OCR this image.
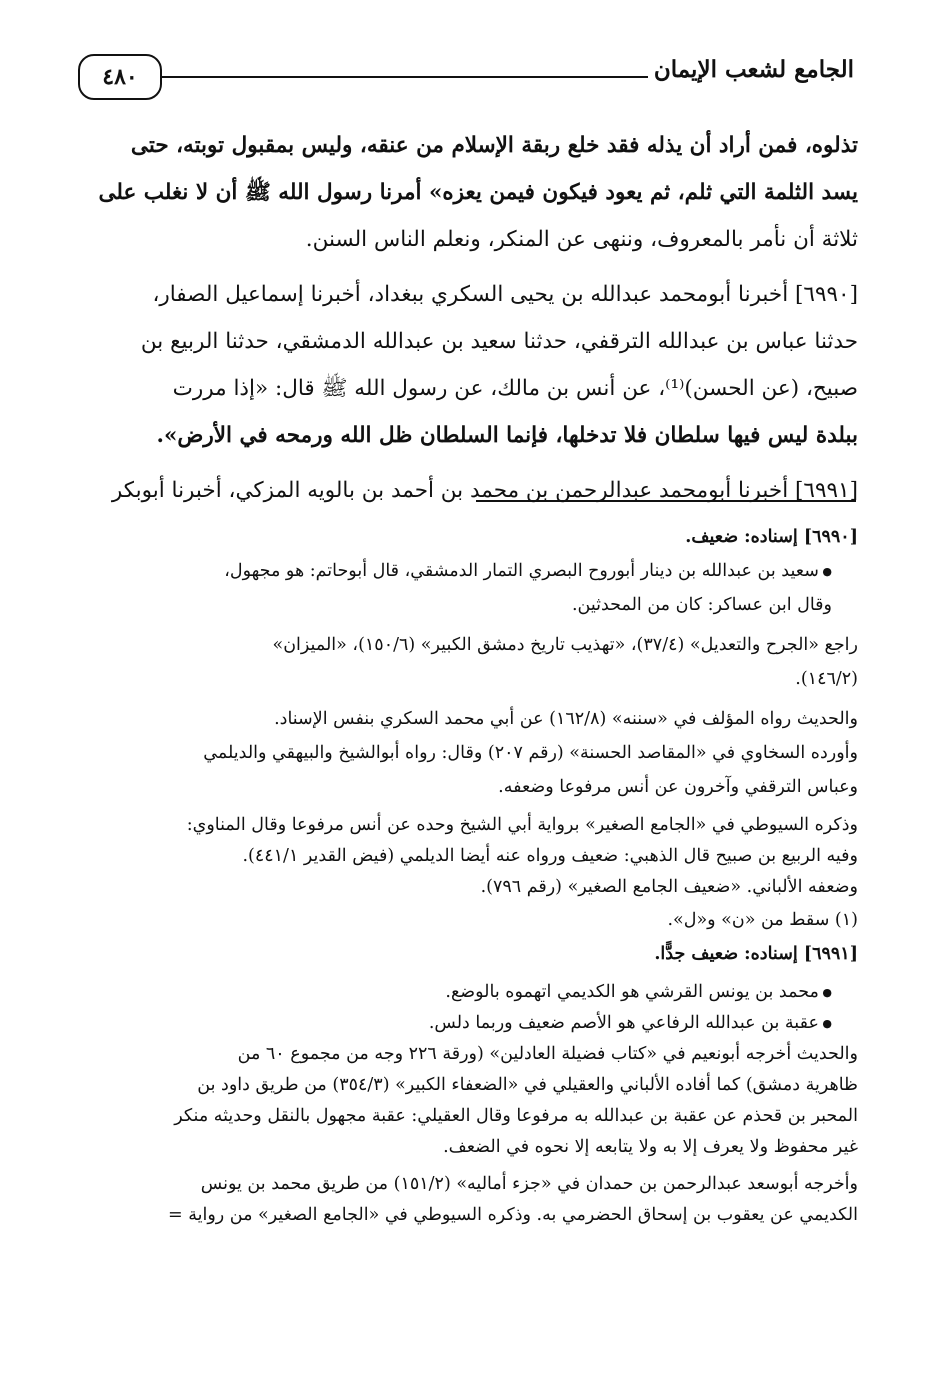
٤٨٠	الجامع لشعب الإيمان
تذلوه، فمن أراد أن يذله فقد خلع ربقة الإسلام من عنقه، وليس بمقبول توبته، حتى
يسد الثلمة التي ثلم، ثم يعود فيكون فيمن يعزه» أمرنا رسول الله ﷺ أن لا نغلب على
ثلاثة أن نأمر بالمعروف، وننهى عن المنكر، ونعلم الناس السنن.
[٦٩٩٠] أخبرنا أبومحمد عبدالله بن يحيى السكري ببغداد، أخبرنا إسماعيل الصفار،
حدثنا عباس بن عبدالله الترقفي، حدثنا سعيد بن عبدالله الدمشقي، حدثنا الربيع بن
صبيح، (عن الحسن)⁽¹⁾، عن أنس بن مالك، عن رسول الله ﷺ قال: «إذا مررت
ببلدة ليس فيها سلطان فلا تدخلها، فإنما السلطان ظل الله ورمحه في الأرض».
[٦٩٩١] أخبرنا أبومحمد عبدالرحمن بن محمد بن أحمد بن بالويه المزكي، أخبرنا أبوبكر
[٦٩٩٠] إسناده: ضعيف.
● سعيد بن عبدالله بن دينار أبوروح البصري التمار الدمشقي، قال أبوحاتم: هو مجهول،
وقال ابن عساكر: كان من المحدثين.
راجع «الجرح والتعديل» (٣٧/٤)، «تهذيب تاريخ دمشق الكبير» (١٥٠/٦)، «الميزان»
(١٤٦/٢).
والحديث رواه المؤلف في «سننه» (١٦٢/٨) عن أبي محمد السكري بنفس الإسناد.
وأورده السخاوي في «المقاصد الحسنة» (رقم ٢٠٧) وقال: رواه أبوالشيخ والبيهقي والديلمي
وعباس الترقفي وآخرون عن أنس مرفوعا وضعفه.
وذكره السيوطي في «الجامع الصغير» برواية أبي الشيخ وحده عن أنس مرفوعا وقال المناوي:
وفيه الربيع بن صبيح قال الذهبي: ضعيف ورواه عنه أيضا الديلمي (فيض القدير ٤٤١/١).
وضعفه الألباني. «ضعيف الجامع الصغير» (رقم ٧٩٦).
(١) سقط من «ن» و«ل».
[٦٩٩١] إسناده: ضعيف جدًّا.
● محمد بن يونس القرشي هو الكديمي اتهموه بالوضع.
● عقبة بن عبدالله الرفاعي هو الأصم ضعيف وربما دلس.
والحديث أخرجه أبونعيم في «كتاب فضيلة العادلين» (ورقة ٢٢٦ وجه من مجموع ٦٠ من
ظاهرية دمشق) كما أفاده الألباني والعقيلي في «الضعفاء الكبير» (٣٥٤/٣) من طريق داود بن
المحبر بن قحذم عن عقبة بن عبدالله به مرفوعا وقال العقيلي: عقبة مجهول بالنقل وحديثه منكر
غير محفوظ ولا يعرف إلا به ولا يتابعه إلا نحوه في الضعف.
وأخرجه أبوسعد عبدالرحمن بن حمدان في «جزء أماليه» (١٥١/٢) من طريق محمد بن يونس
الكديمي عن يعقوب بن إسحاق الحضرمي به. وذكره السيوطي في «الجامع الصغير» من رواية =
